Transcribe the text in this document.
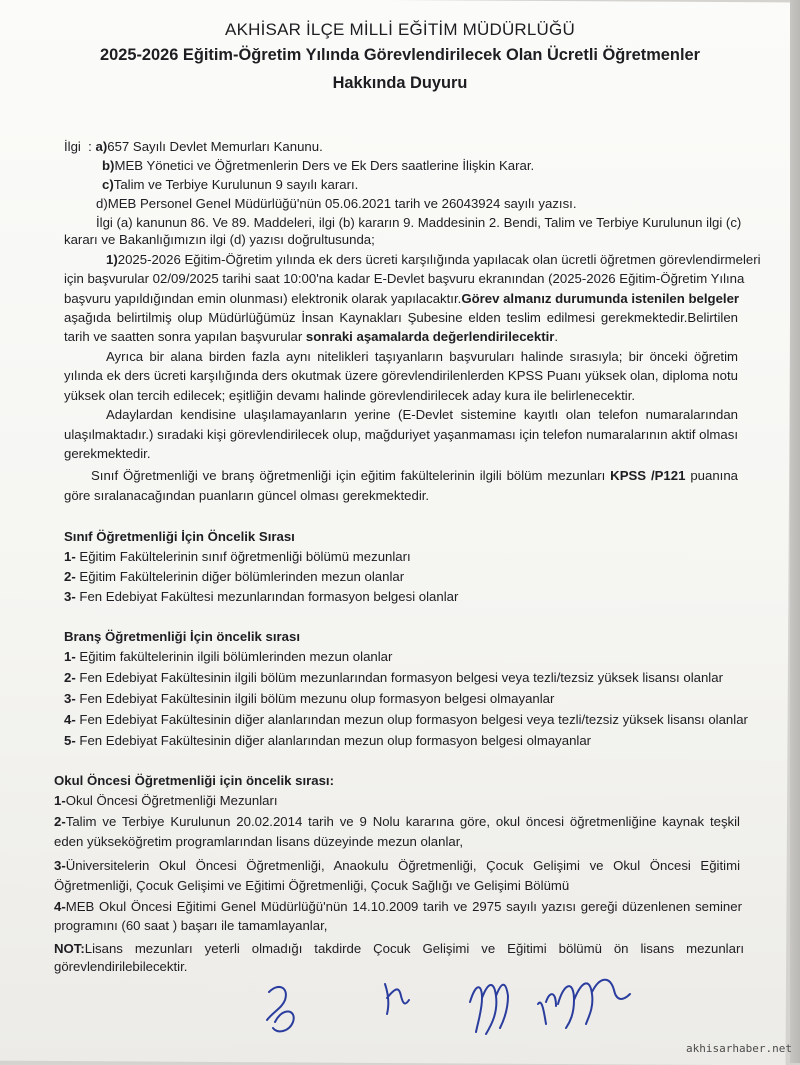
AKHİSAR İLÇE MİLLİ EĞİTİM MÜDÜRLÜĞÜ
2025-2026 Eğitim-Öğretim Yılında Görevlendirilecek Olan Ücretli Öğretmenler
Hakkında Duyuru
İlgi  : a)657 Sayılı Devlet Memurları Kanunu.
b)MEB Yönetici ve Öğretmenlerin Ders ve Ek Ders saatlerine İlişkin Karar.
c)Talim ve Terbiye Kurulunun 9 sayılı kararı.
d)MEB Personel Genel Müdürlüğü'nün 05.06.2021 tarih ve 26043924 sayılı yazısı.
İlgi (a) kanunun 86. Ve 89. Maddeleri, ilgi (b) kararın 9. Maddesinin 2. Bendi, Talim ve Terbiye Kurulunun ilgi (c)
kararı ve Bakanlığımızın ilgi (d) yazısı doğrultusunda;
1)2025-2026 Eğitim-Öğretim yılında ek ders ücreti karşılığında yapılacak olan ücretli öğretmen görevlendirmeleri
için başvurular 02/09/2025 tarihi saat 10:00'na kadar E-Devlet başvuru ekranından (2025-2026 Eğitim-Öğretim Yılına
başvuru yapıldığından emin olunması) elektronik olarak yapılacaktır.Görev almanız durumunda istenilen belgeler
aşağıda belirtilmiş olup Müdürlüğümüz İnsan Kaynakları Şubesine elden teslim edilmesi gerekmektedir.Belirtilen
tarih ve saatten sonra yapılan başvurular sonraki aşamalarda değerlendirilecektir.
Ayrıca bir alana birden fazla aynı nitelikleri taşıyanların başvuruları halinde sırasıyla; bir önceki öğretim
yılında ek ders ücreti karşılığında ders okutmak üzere görevlendirilenlerden KPSS Puanı yüksek olan, diploma notu
yüksek olan tercih edilecek; eşitliğin devamı halinde görevlendirilecek aday kura ile belirlenecektir.
Adaylardan kendisine ulaşılamayanların yerine (E-Devlet sistemine kayıtlı olan telefon numaralarından
ulaşılmaktadır.) sıradaki kişi görevlendirilecek olup, mağduriyet yaşanmaması için telefon numaralarının aktif olması
gerekmektedir.
Sınıf Öğretmenliği ve branş öğretmenliği için eğitim fakültelerinin ilgili bölüm mezunları KPSS /P121 puanına
göre sıralanacağından puanların güncel olması gerekmektedir.
Sınıf Öğretmenliği İçin Öncelik Sırası
1- Eğitim Fakültelerinin sınıf öğretmenliği bölümü mezunları
2- Eğitim Fakültelerinin diğer bölümlerinden mezun olanlar
3- Fen Edebiyat Fakültesi mezunlarından formasyon belgesi olanlar
Branş Öğretmenliği İçin öncelik sırası
1- Eğitim fakültelerinin ilgili bölümlerinden mezun olanlar
2- Fen Edebiyat Fakültesinin ilgili bölüm mezunlarından formasyon belgesi veya tezli/tezsiz yüksek lisansı olanlar
3- Fen Edebiyat Fakültesinin ilgili bölüm mezunu olup formasyon belgesi olmayanlar
4- Fen Edebiyat Fakültesinin diğer alanlarından mezun olup formasyon belgesi veya tezli/tezsiz yüksek lisansı olanlar
5- Fen Edebiyat Fakültesinin diğer alanlarından mezun olup formasyon belgesi olmayanlar
Okul Öncesi Öğretmenliği için öncelik sırası:
1-Okul Öncesi Öğretmenliği Mezunları
2-Talim ve Terbiye Kurulunun 20.02.2014 tarih ve 9 Nolu kararına göre, okul öncesi öğretmenliğine kaynak teşkil
eden yükseköğretim programlarından lisans düzeyinde mezun olanlar,
3-Üniversitelerin Okul Öncesi Öğretmenliği, Anaokulu Öğretmenliği, Çocuk Gelişimi ve Okul Öncesi Eğitimi
Öğretmenliği, Çocuk Gelişimi ve Eğitimi Öğretmenliği, Çocuk Sağlığı ve Gelişimi Bölümü
4-MEB Okul Öncesi Eğitimi Genel Müdürlüğü'nün 14.10.2009 tarih ve 2975 sayılı yazısı gereği düzenlenen seminer
programını (60 saat ) başarı ile tamamlayanlar,
NOT:Lisans mezunları yeterli olmadığı takdirde Çocuk Gelişimi ve Eğitimi bölümü ön lisans mezunları
görevlendirilebilecektir.
akhisarhaber.net
